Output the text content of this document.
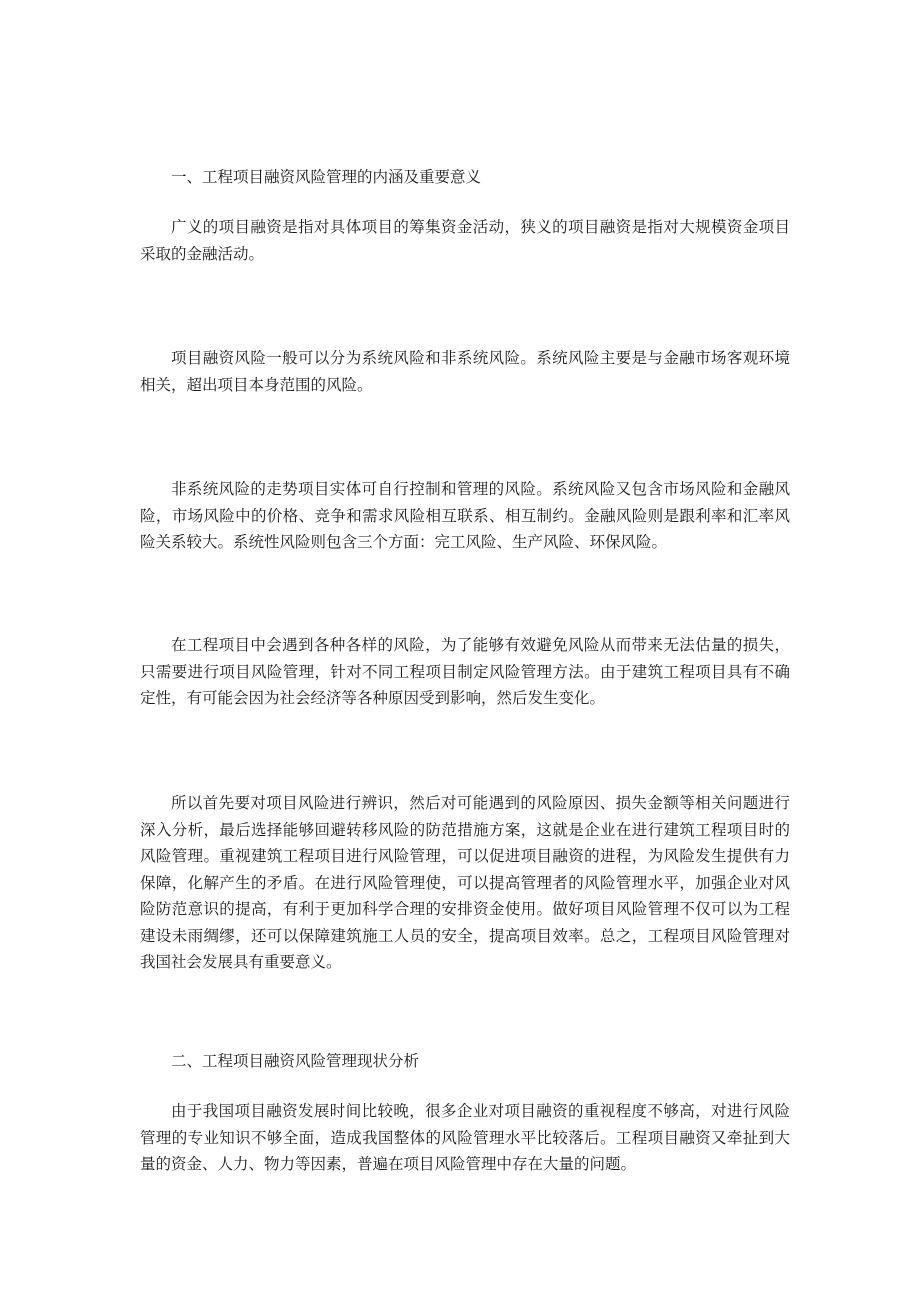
一、工程项目融资风险管理的内涵及重要意义
广义的项目融资是指对具体项目的筹集资金活动，狭义的项目融资是指对大规模资金项目采取的金融活动。
项目融资风险一般可以分为系统风险和非系统风险。系统风险主要是与金融市场客观环境相关，超出项目本身范围的风险。
非系统风险的走势项目实体可自行控制和管理的风险。系统风险又包含市场风险和金融风险，市场风险中的价格、竞争和需求风险相互联系、相互制约。金融风险则是跟利率和汇率风险关系较大。系统性风险则包含三个方面：完工风险、生产风险、环保风险。
在工程项目中会遇到各种各样的风险，为了能够有效避免风险从而带来无法估量的损失，只需要进行项目风险管理，针对不同工程项目制定风险管理方法。由于建筑工程项目具有不确定性，有可能会因为社会经济等各种原因受到影响，然后发生变化。
所以首先要对项目风险进行辨识，然后对可能遇到的风险原因、损失金额等相关问题进行深入分析，最后选择能够回避转移风险的防范措施方案，这就是企业在进行建筑工程项目时的风险管理。重视建筑工程项目进行风险管理，可以促进项目融资的进程，为风险发生提供有力保障，化解产生的矛盾。在进行风险管理使，可以提高管理者的风险管理水平，加强企业对风险防范意识的提高，有利于更加科学合理的安排资金使用。做好项目风险管理不仅可以为工程建设未雨绸缪，还可以保障建筑施工人员的安全，提高项目效率。总之，工程项目风险管理对我国社会发展具有重要意义。
二、工程项目融资风险管理现状分析
由于我国项目融资发展时间比较晚，很多企业对项目融资的重视程度不够高，对进行风险管理的专业知识不够全面，造成我国整体的风险管理水平比较落后。工程项目融资又牵扯到大量的资金、人力、物力等因素，普遍在项目风险管理中存在大量的问题。
